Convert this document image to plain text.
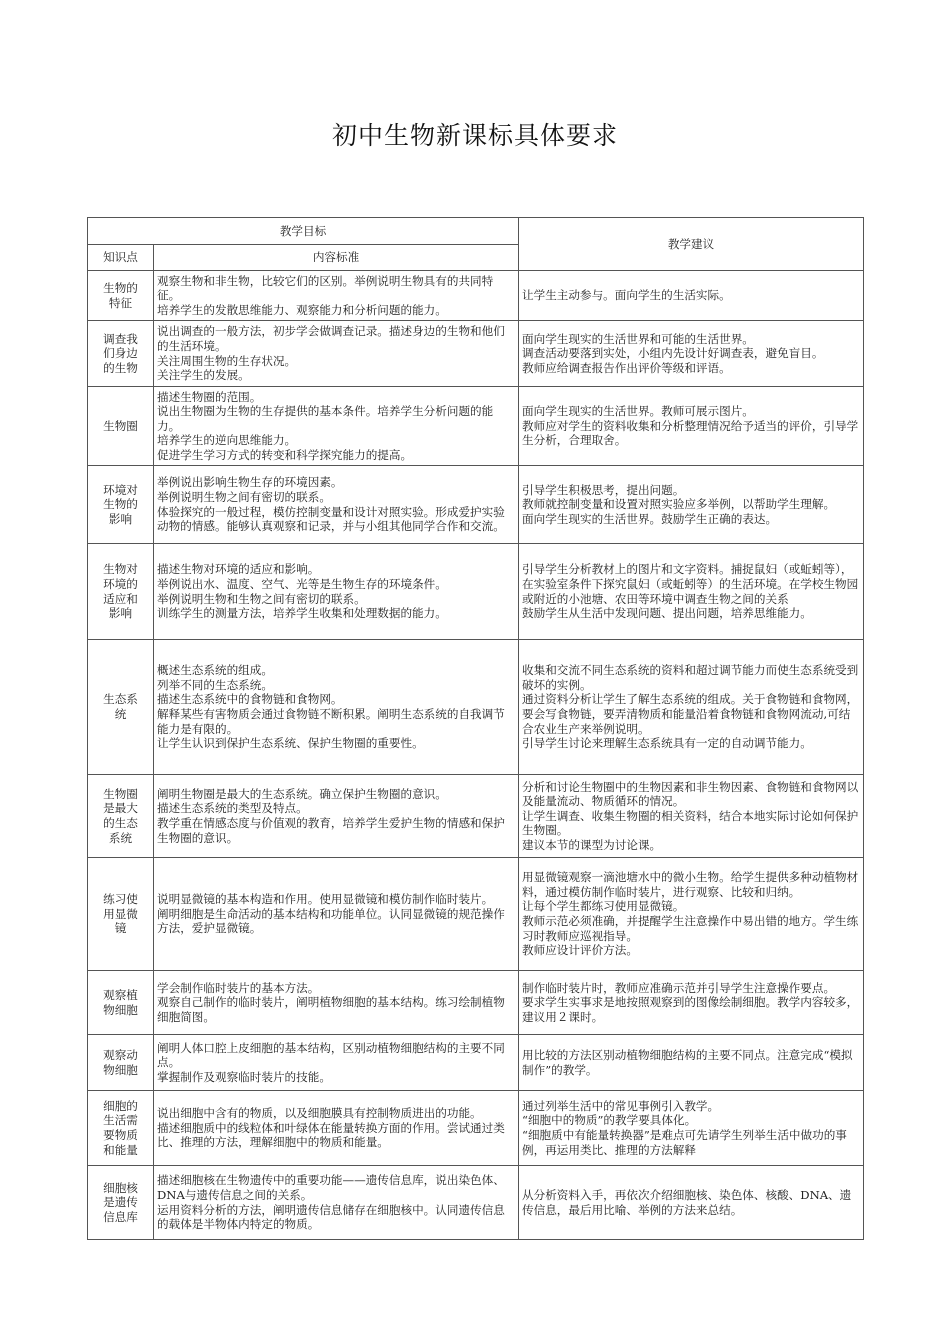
初中生物新课标具体要求
教学目标		教学建议
知识点	内容标准	

生物的特征	观察生物和非生物，比较它们的区别。举例说明生物具有的共同特征。
培养学生的发散思维能力、观察能力和分析问题的能力。	让学生主动参与。面向学生的生活实际。

调查我们身边的生物	说出调查的一般方法，初步学会做调查记录。描述身边的生物和他们的生活环境。
关注周围生物的生存状况。
关注学生的发展。	面向学生现实的生活世界和可能的生活世界。
调查活动要落到实处，小组内先设计好调查表，避免盲目。
教师应给调查报告作出评价等级和评语。

生物圈	描述生物圈的范围。
说出生物圈为生物的生存提供的基本条件。培养学生分析问题的能力。
培养学生的逆向思维能力。
促进学生学习方式的转变和科学探究能力的提高。	面向学生现实的生活世界。教师可展示图片。
教师应对学生的资料收集和分析整理情况给予适当的评价，引导学生分析，合理取舍。

环境对生物的影响	举例说出影响生物生存的环境因素。
举例说明生物之间有密切的联系。
体验探究的一般过程，模仿控制变量和设计对照实验。形成爱护实验动物的情感。能够认真观察和记录，并与小组其他同学合作和交流。	引导学生积极思考，提出问题。
教师就控制变量和设置对照实验应多举例，以帮助学生理解。
面向学生现实的生活世界。鼓励学生正确的表达。

生物对环境的适应和影响	描述生物对环境的适应和影响。
举例说出水、温度、空气、光等是生物生存的环境条件。
举例说明生物和生物之间有密切的联系。
训练学生的测量方法，培养学生收集和处理数据的能力。	引导学生分析教材上的图片和文字资料。捕捉鼠妇（或蚯蚓等），在实验室条件下探究鼠妇（或蚯蚓等）的生活环境。在学校生物园或附近的小池塘、农田等环境中调查生物之间的关系
鼓励学生从生活中发现问题、提出问题，培养思维能力。

生态系统	概述生态系统的组成。
列举不同的生态系统。
描述生态系统中的食物链和食物网。
解释某些有害物质会通过食物链不断积累。阐明生态系统的自我调节能力是有限的。
让学生认识到保护生态系统、保护生物圈的重要性。	收集和交流不同生态系统的资料和超过调节能力而使生态系统受到破坏的实例。
通过资料分析让学生了解生态系统的组成。关于食物链和食物网，要会写食物链，要弄清物质和能量沿着食物链和食物网流动,可结合农业生产来举例说明。
引导学生讨论来理解生态系统具有一定的自动调节能力。

生物圈是最大的生态系统	阐明生物圈是最大的生态系统。确立保护生物圈的意识。
描述生态系统的类型及特点。
教学重在情感态度与价值观的教育，培养学生爱护生物的情感和保护生物圈的意识。	分析和讨论生物圈中的生物因素和非生物因素、食物链和食物网以及能量流动、物质循环的情况。
让学生调查、收集生物圈的相关资料，结合本地实际讨论如何保护生物圈。
建议本节的课型为讨论课。

练习使用显微镜	说明显微镜的基本构造和作用。使用显微镜和模仿制作临时装片。
阐明细胞是生命活动的基本结构和功能单位。认同显微镜的规范操作方法，爱护显微镜。	用显微镜观察一滴池塘水中的微小生物。给学生提供多种动植物材料，通过模仿制作临时装片，进行观察、比较和归纳。
让每个学生都练习使用显微镜。
教师示范必须准确，并提醒学生注意操作中易出错的地方。学生练习时教师应巡视指导。
教师应设计评价方法。

观察植物细胞	学会制作临时装片的基本方法。
观察自己制作的临时装片，阐明植物细胞的基本结构。练习绘制植物细胞简图。	制作临时装片时，教师应准确示范并引导学生注意操作要点。
要求学生实事求是地按照观察到的图像绘制细胞。教学内容较多，建议用２课时。

观察动物细胞	阐明人体口腔上皮细胞的基本结构，区别动植物细胞结构的主要不同点。
掌握制作及观察临时装片的技能。	用比较的方法区别动植物细胞结构的主要不同点。注意完成“模拟制作”的教学。

细胞的生活需要物质和能量	说出细胞中含有的物质，以及细胞膜具有控制物质进出的功能。
描述细胞质中的线粒体和叶绿体在能量转换方面的作用。尝试通过类比、推理的方法，理解细胞中的物质和能量。	通过列举生活中的常见事例引入教学。
“细胞中的物质”的教学要具体化。
“细胞质中有能量转换器”是难点可先请学生列举生活中做功的事例，再运用类比、推理的方法解释

细胞核是遗传信息库	描述细胞核在生物遗传中的重要功能——遗传信息库，说出染色体、DNA与遗传信息之间的关系。
运用资料分析的方法，阐明遗传信息储存在细胞核中。认同遗传信息的载体是半物体内特定的物质。	从分析资料入手，再依次介绍细胞核、染色体、核酸、DNA、遗传信息，最后用比喻、举例的方法来总结。
